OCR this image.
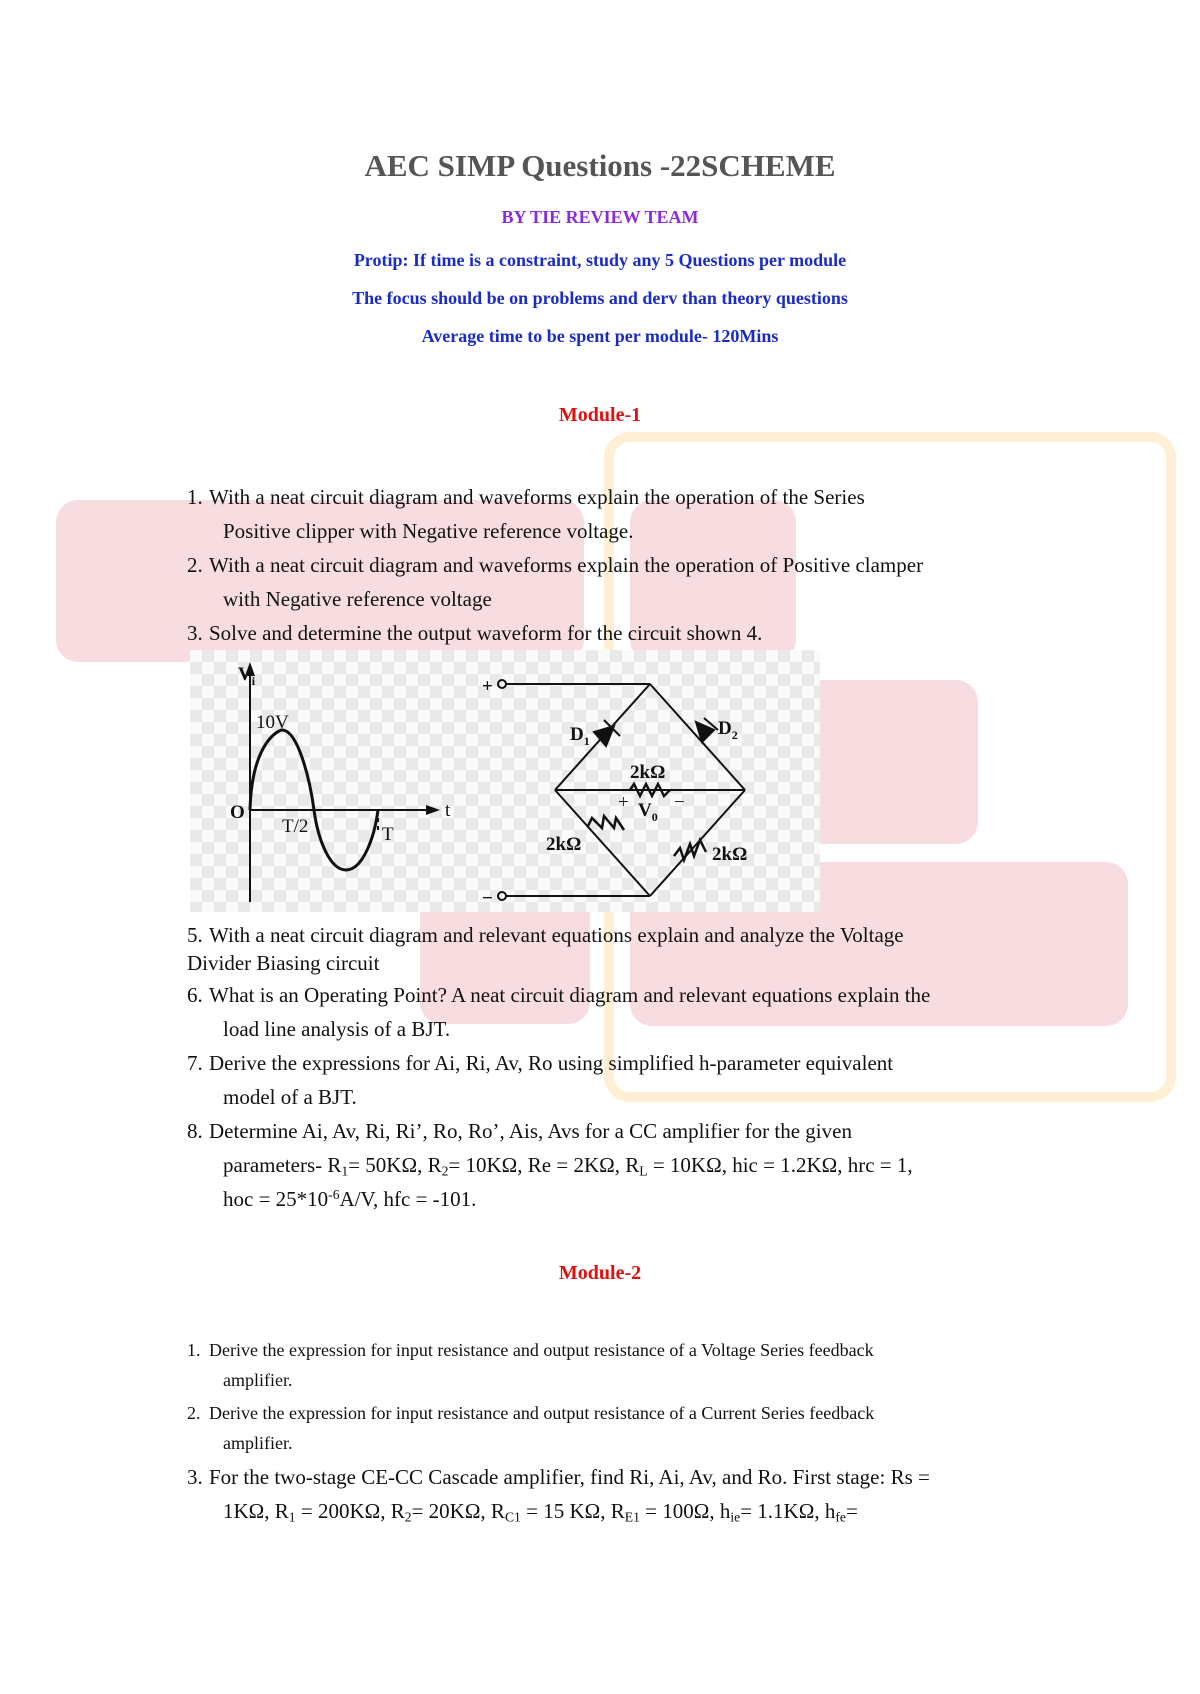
AEC SIMP Questions -22SCHEME

BY TIE REVIEW TEAM

Protip: If time is a constraint, study any 5 Questions per module

The focus should be on problems and derv than theory questions

Average time to be spent per module- 120Mins

Module-1
1. With a neat circuit diagram and waveforms explain the operation of the Series
Positive clipper with Negative reference voltage.
2. With a neat circuit diagram and waveforms explain the operation of Positive clamper
with Negative reference voltage
3. Solve and determine the output waveform for the circuit shown 4.
$V_i$
t
10V
O
T/2	T
+
−
$D_1$
$D_2$
2kΩ
+ −
$V_0$
2kΩ	2kΩ
5. With a neat circuit diagram and relevant equations explain and analyze the Voltage
Divider Biasing circuit
6. What is an Operating Point? A neat circuit diagram and relevant equations explain the
load line analysis of a BJT.
7. Derive the expressions for Ai, Ri, Av, Ro using simplified h-parameter equivalent
model of a BJT.
8. Determine Ai, Av, Ri, Ri’, Ro, Ro’, Ais, Avs for a CC amplifier for the given
parameters- $R_1= 50K\Omega$, $R_2= 10K\Omega$, Re = 2KΩ, $R_L = 10K\Omega$, hic = 1.2KΩ, hrc = 1,
hoc = $25*10^{-6}A/V$, hfc = -101.
Module-2
1. Derive the expression for input resistance and output resistance of a Voltage Series feedback
amplifier.
2. Derive the expression for input resistance and output resistance of a Current Series feedback
amplifier.
3. For the two-stage CE-CC Cascade amplifier, find Ri, Ai, Av, and Ro. First stage: Rs =
1KΩ, $R_1 = 200K\Omega$, $R_2= 20K\Omega$, $R_{C1} = 15$ KΩ, $R_{E1} = 100\Omega$, $h_{ie}= 1.1K\Omega$, $h_{fe}=$
